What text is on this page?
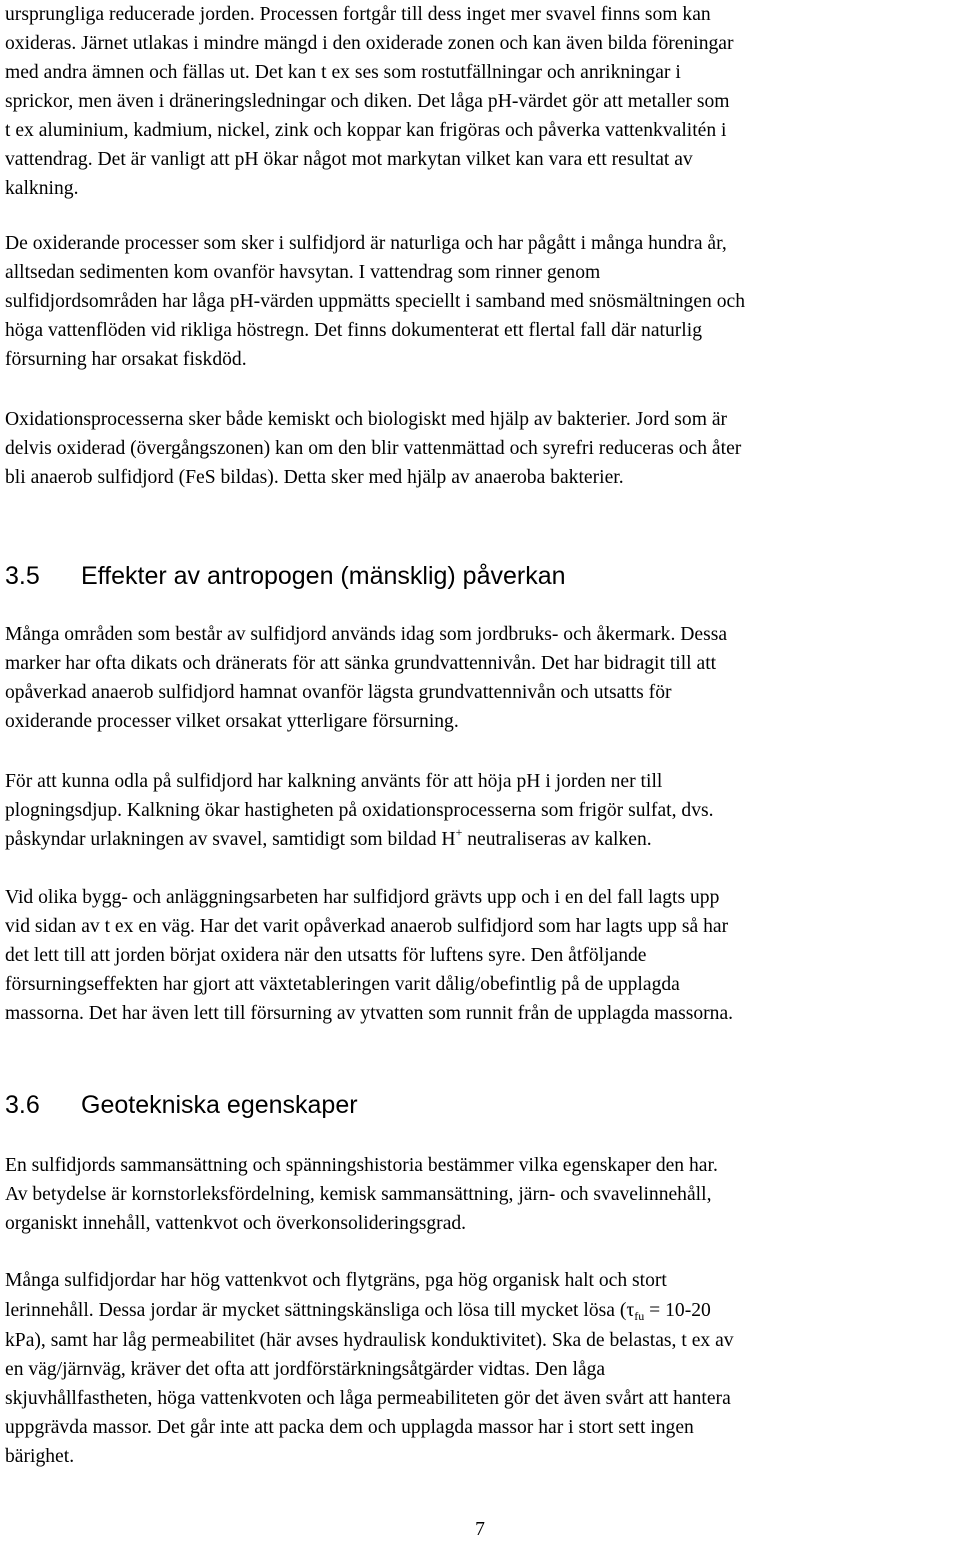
ursprungliga reducerade jorden. Processen fortgår till dess inget mer svavel finns som kan
oxideras. Järnet utlakas i mindre mängd i den oxiderade zonen och kan även bilda föreningar
med andra ämnen och fällas ut. Det kan t ex ses som rostutfällningar och anrikningar i
sprickor, men även i dräneringsledningar och diken. Det låga pH-värdet gör att metaller som
t ex aluminium, kadmium, nickel, zink och koppar kan frigöras och påverka vattenkvalitén i
vattendrag. Det är vanligt att pH ökar något mot markytan vilket kan vara ett resultat av
kalkning.
De oxiderande processer som sker i sulfidjord är naturliga och har pågått i många hundra år,
alltsedan sedimenten kom ovanför havsytan. I vattendrag som rinner genom
sulfidjordsområden har låga pH-värden uppmätts speciellt i samband med snösmältningen och
höga vattenflöden vid rikliga höstregn. Det finns dokumenterat ett flertal fall där naturlig
försurning har orsakat fiskdöd.
Oxidationsprocesserna sker både kemiskt och biologiskt med hjälp av bakterier. Jord som är
delvis oxiderad (övergångszonen) kan om den blir vattenmättad och syrefri reduceras och åter
bli anaerob sulfidjord (FeS bildas). Detta sker med hjälp av anaeroba bakterier.
3.5 Effekter av antropogen (mänsklig) påverkan
Många områden som består av sulfidjord används idag som jordbruks- och åkermark. Dessa
marker har ofta dikats och dränerats för att sänka grundvattennivån. Det har bidragit till att
opåverkad anaerob sulfidjord hamnat ovanför lägsta grundvattennivån och utsatts för
oxiderande processer vilket orsakat ytterligare försurning.
För att kunna odla på sulfidjord har kalkning använts för att höja pH i jorden ner till
plogningsdjup. Kalkning ökar hastigheten på oxidationsprocesserna som frigör sulfat, dvs.
påskyndar urlakningen av svavel, samtidigt som bildad H+ neutraliseras av kalken.
Vid olika bygg- och anläggningsarbeten har sulfidjord grävts upp och i en del fall lagts upp
vid sidan av t ex en väg. Har det varit opåverkad anaerob sulfidjord som har lagts upp så har
det lett till att jorden börjat oxidera när den utsatts för luftens syre. Den åtföljande
försurningseffekten har gjort att växtetableringen varit dålig/obefintlig på de upplagda
massorna. Det har även lett till försurning av ytvatten som runnit från de upplagda massorna.
3.6 Geotekniska egenskaper
En sulfidjords sammansättning och spänningshistoria bestämmer vilka egenskaper den har.
Av betydelse är kornstorleksfördelning, kemisk sammansättning, järn- och svavelinnehåll,
organiskt innehåll, vattenkvot och överkonsolideringsgrad.
Många sulfidjordar har hög vattenkvot och flytgräns, pga hög organisk halt och stort
lerinnehåll. Dessa jordar är mycket sättningskänsliga och lösa till mycket lösa ($\tau_{fu} = 10-20$
kPa), samt har låg permeabilitet (här avses hydraulisk konduktivitet). Ska de belastas, t ex av
en väg/järnväg, kräver det ofta att jordförstärkningsåtgärder vidtas. Den låga
skjuvhållfastheten, höga vattenkvoten och låga permeabiliteten gör det även svårt att hantera
uppgrävda massor. Det går inte att packa dem och upplagda massor har i stort sett ingen
bärighet.
7
